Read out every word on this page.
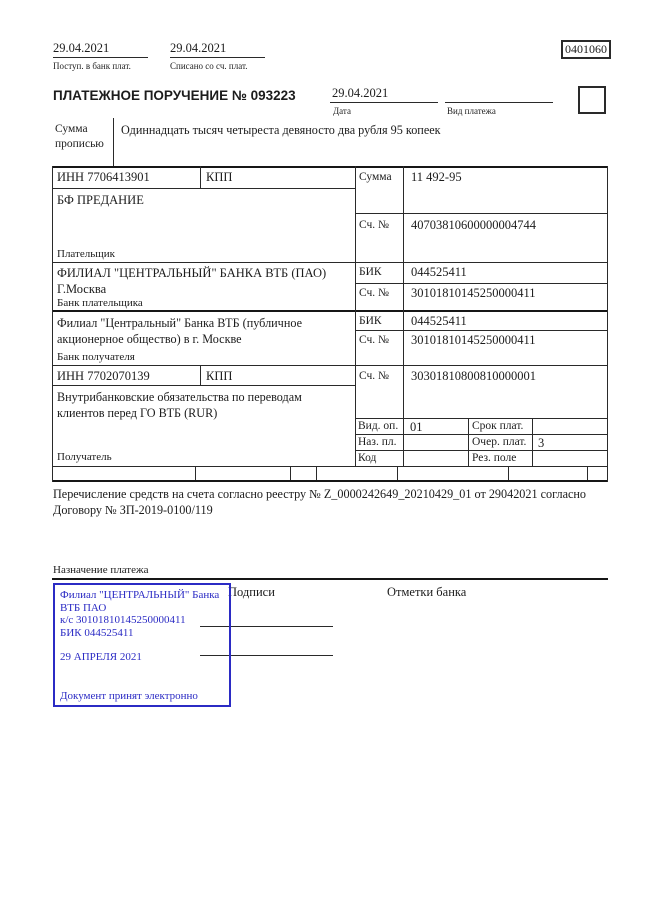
29.04.2021
Поступ. в банк плат.
29.04.2021
Списано со сч. плат.
0401060
ПЛАТЕЖНОЕ ПОРУЧЕНИЕ № 093223	29.04.2021
Дата	Вид платежа
Сумма прописью
Одиннадцать тысяч четыреста девяносто два рубля 95 копеек
ИНН 7706413901	КПП	Сумма 11 492-95
БФ ПРЕДАНИЕ
Сч. № 40703810600000004744
Плательщик
ФИЛИАЛ "ЦЕНТРАЛЬНЫЙ" БАНКА ВТБ (ПАО)
Г.Москва
БИК 044525411
Сч. № 30101810145250000411
Банк плательщика
Филиал "Центральный" Банка ВТБ (публичное акционерное общество) в г. Москве
БИК 044525411
Сч. № 30101810145250000411
Банк получателя
ИНН 7702070139	КПП	Сч. № 30301810800810000001
Внутрибанковские обязательства по переводам клиентов перед ГО ВТБ (RUR)
Получатель
Вид. оп. 01	Срок плат.
Наз. пл.	Очер. плат. 3
Код	Рез. поле
Перечисление средств на счета согласно реестру № Z_0000242649_20210429_01 от 29042021 согласно Договору № ЗП-2019-0100/119
Назначение платежа
Подписи	Отметки банка
Филиал "ЦЕНТРАЛЬНЫЙ" Банка
ВТБ ПАО
к/с 30101810145250000411
БИК 044525411
29 АПРЕЛЯ 2021
Документ принят электронно
